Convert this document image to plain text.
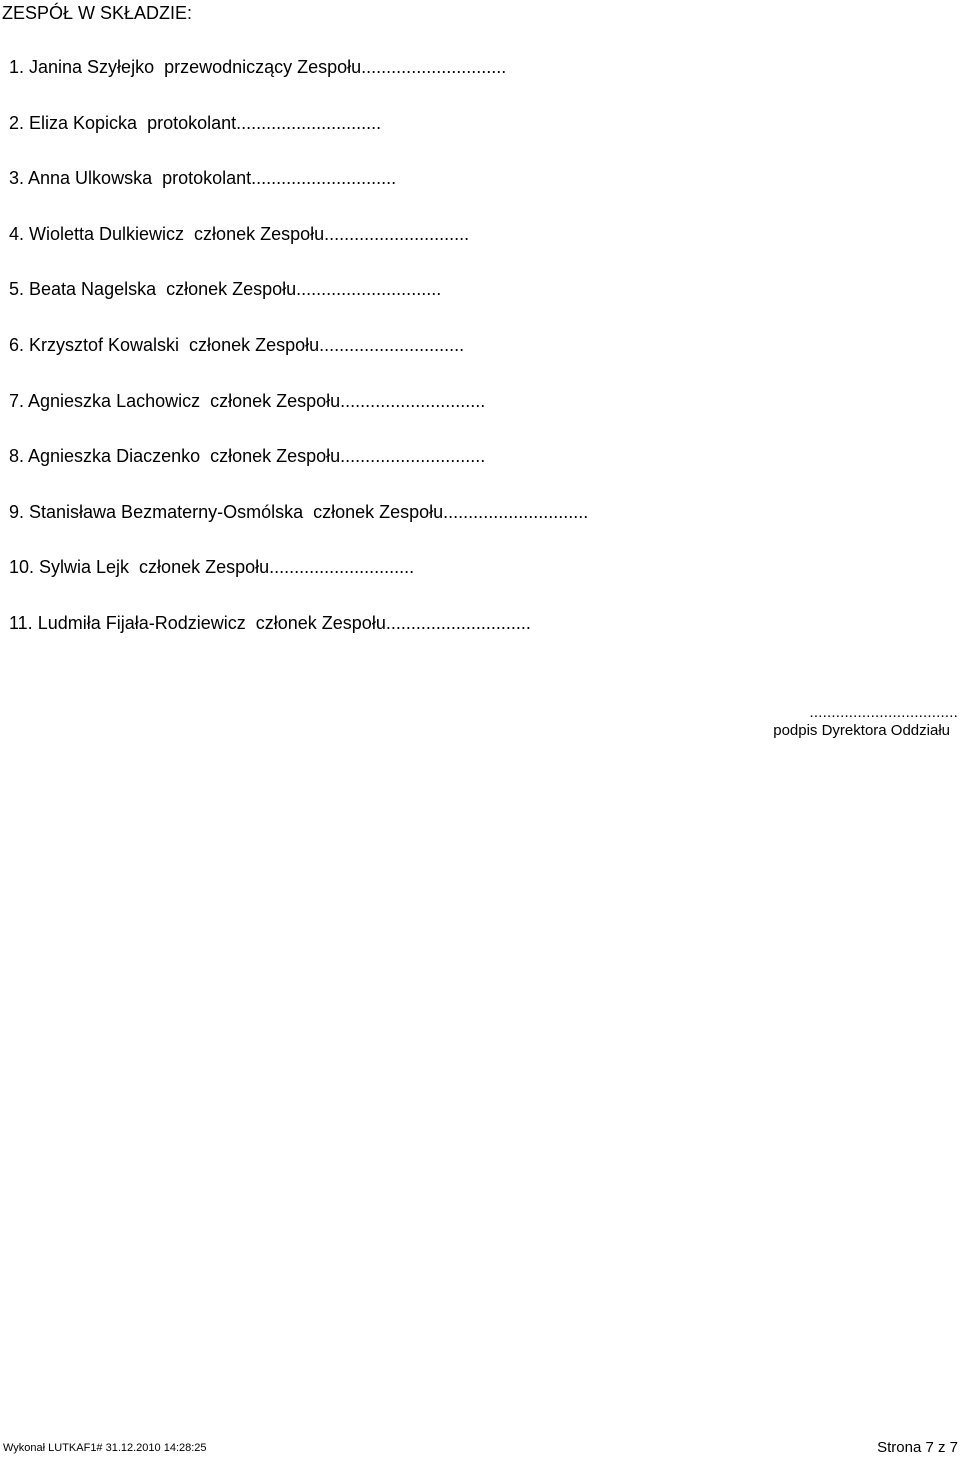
ZESPÓŁ W SKŁADZIE:
1. Janina Szyłejko  przewodniczący Zespołu.............................
2. Eliza Kopicka  protokolant.............................
3. Anna Ulkowska  protokolant.............................
4. Wioletta Dulkiewicz  członek Zespołu.............................
5. Beata Nagelska  członek Zespołu.............................
6. Krzysztof Kowalski  członek Zespołu.............................
7. Agnieszka Lachowicz  członek Zespołu.............................
8. Agnieszka Diaczenko  członek Zespołu.............................
9. Stanisława Bezmaterny-Osmólska  członek Zespołu.............................
10. Sylwia Lejk  członek Zespołu.............................
11. Ludmiła Fijała-Rodziewicz  członek Zespołu.............................
..................................
podpis Dyrektora Oddziału
Wykonał LUTKAF1# 31.12.2010 14:28:25	Strona 7 z 7
